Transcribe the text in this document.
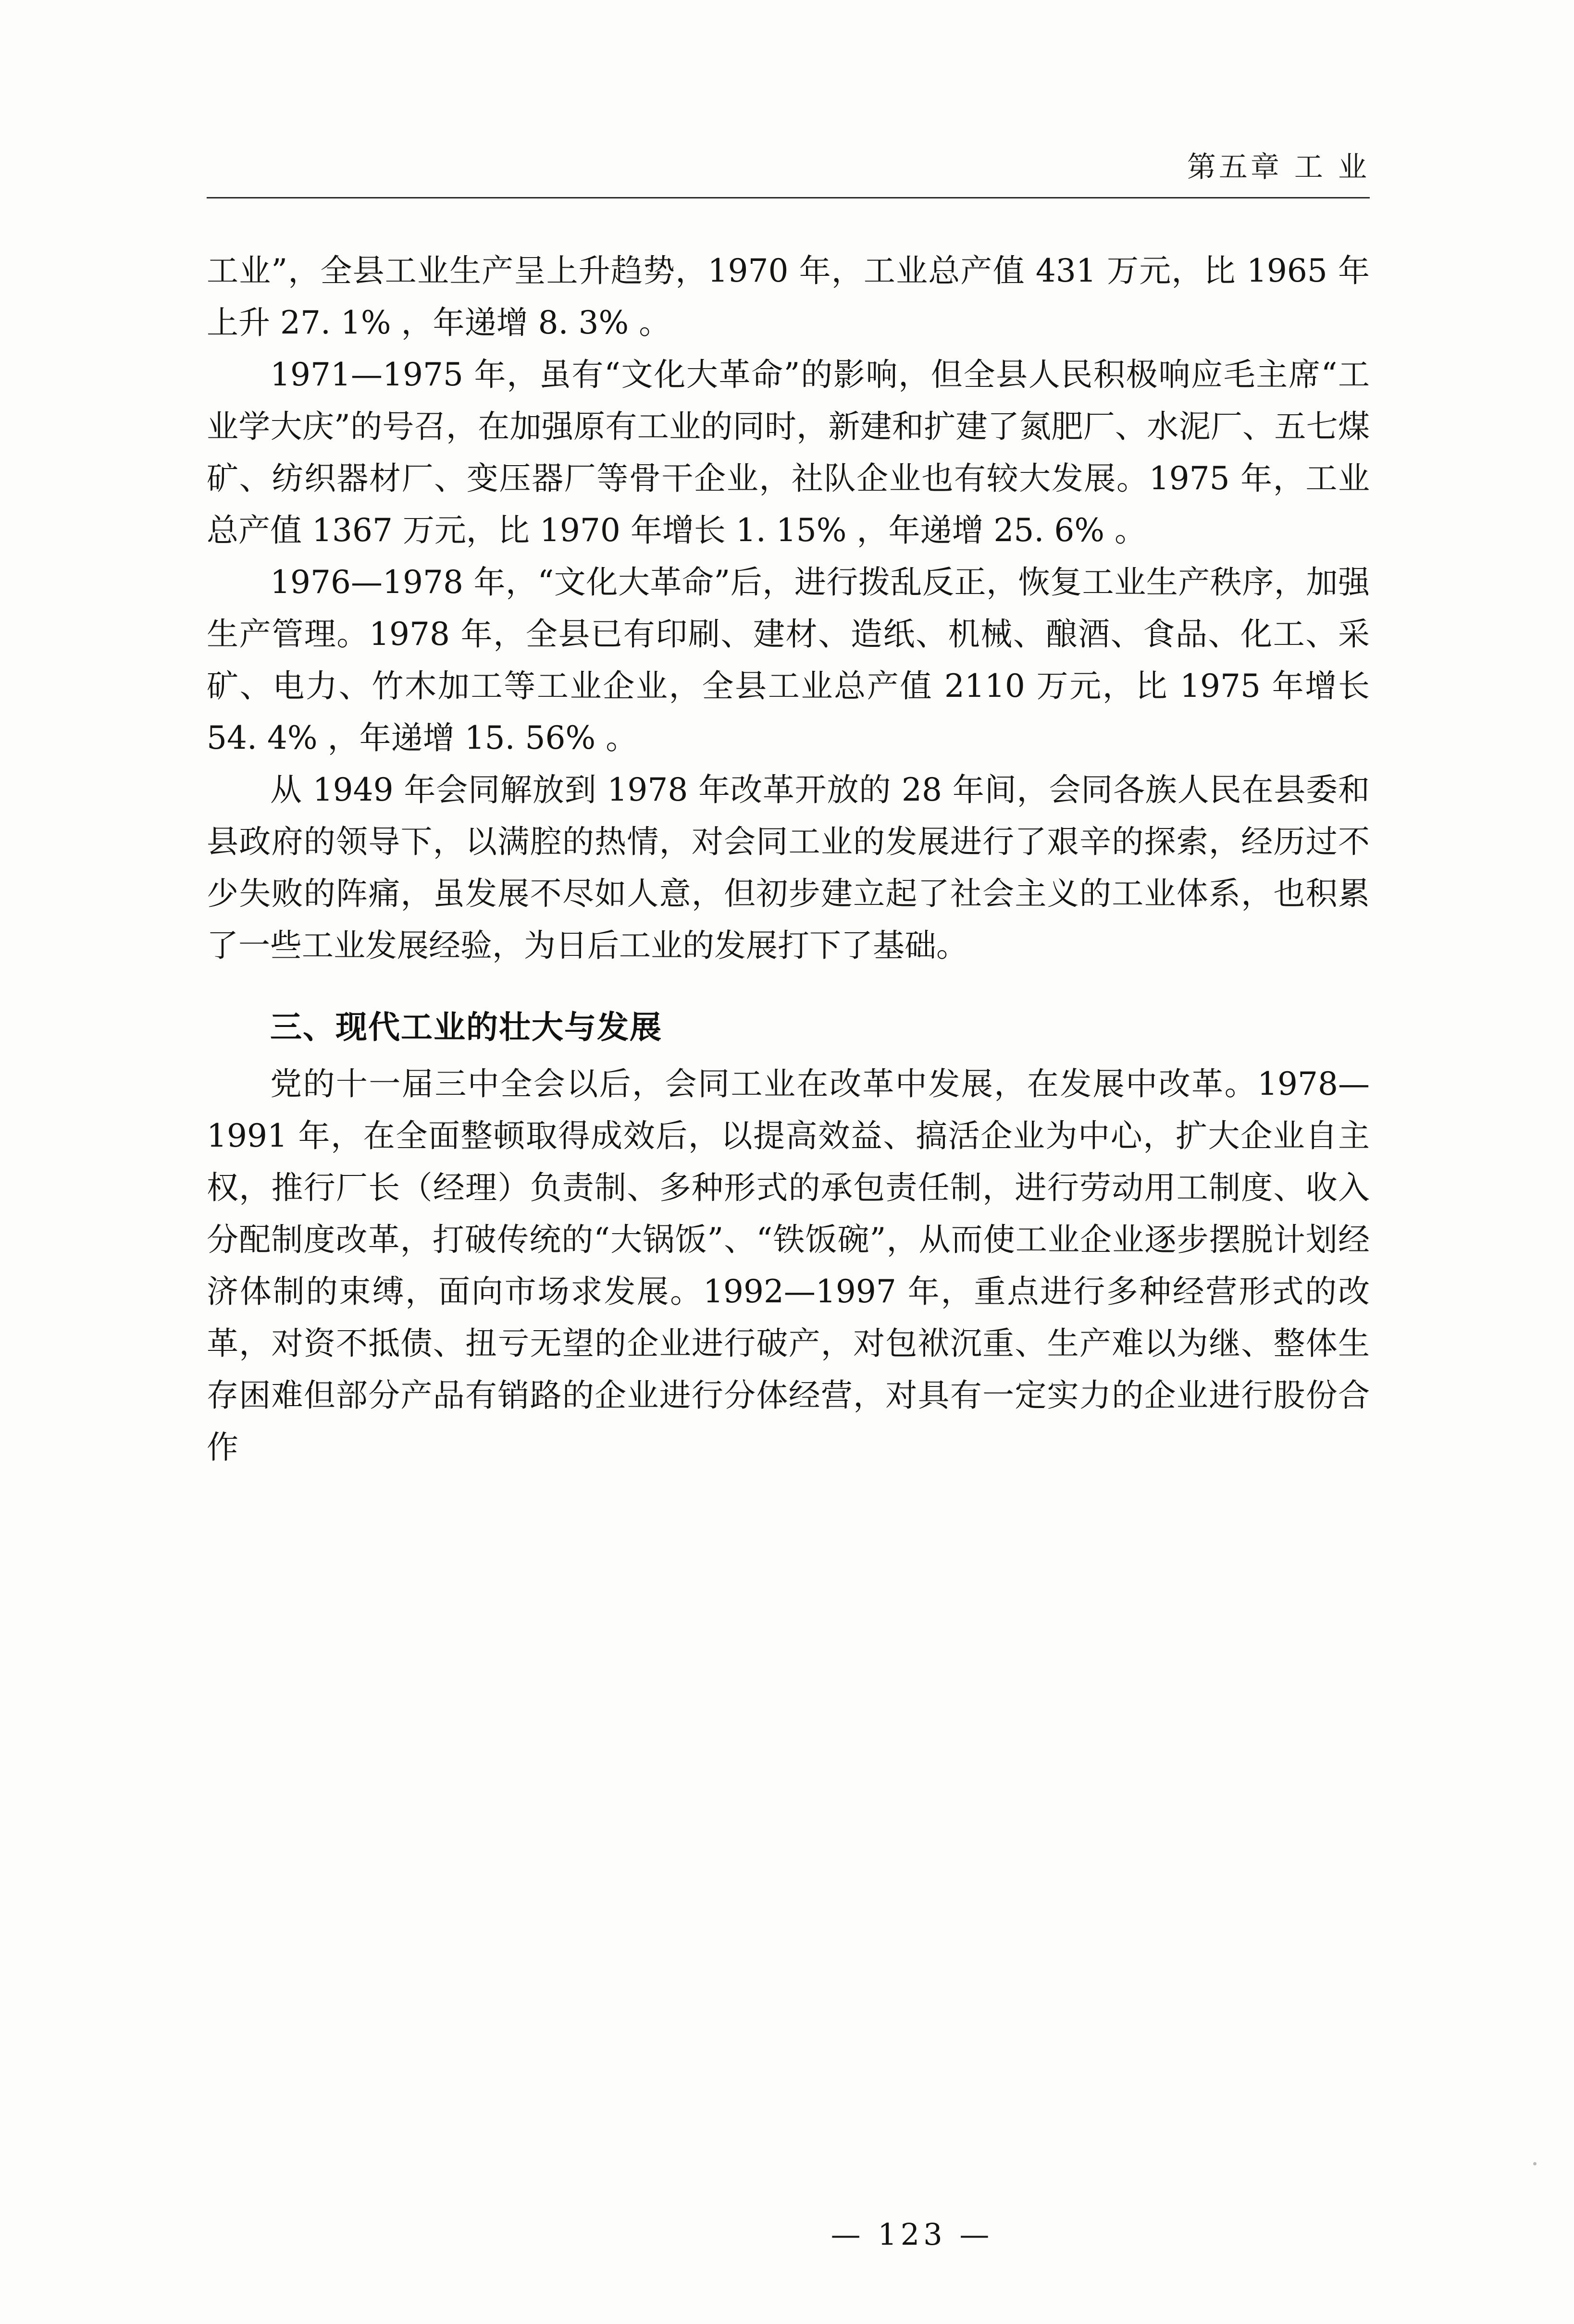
第五章 工 业

工业”，全县工业生产呈上升趋势，1970 年，工业总产值 431 万元，比 1965 年上升 27. 1% ，年递增 8. 3% 。

1971—1975 年，虽有“文化大革命”的影响，但全县人民积极响应毛主席“工业学大庆”的号召，在加强原有工业的同时，新建和扩建了氮肥厂、水泥厂、五七煤矿、纺织器材厂、变压器厂等骨干企业，社队企业也有较大发展。1975 年，工业总产值 1367 万元，比 1970 年增长 1. 15% ，年递增 25. 6% 。

1976—1978 年，“文化大革命”后，进行拨乱反正，恢复工业生产秩序，加强生产管理。1978 年，全县已有印刷、建材、造纸、机械、酿酒、食品、化工、采矿、电力、竹木加工等工业企业，全县工业总产值 2110 万元，比 1975 年增长 54. 4% ，年递增 15. 56% 。

从 1949 年会同解放到 1978 年改革开放的 28 年间，会同各族人民在县委和县政府的领导下，以满腔的热情，对会同工业的发展进行了艰辛的探索，经历过不少失败的阵痛，虽发展不尽如人意，但初步建立起了社会主义的工业体系，也积累了一些工业发展经验，为日后工业的发展打下了基础。

三、现代工业的壮大与发展

党的十一届三中全会以后，会同工业在改革中发展，在发展中改革。1978—1991 年，在全面整顿取得成效后，以提高效益、搞活企业为中心，扩大企业自主权，推行厂长（经理）负责制、多种形式的承包责任制，进行劳动用工制度、收入分配制度改革，打破传统的“大锅饭”、“铁饭碗”，从而使工业企业逐步摆脱计划经济体制的束缚，面向市场求发展。1992—1997 年，重点进行多种经营形式的改革，对资不抵债、扭亏无望的企业进行破产，对包袱沉重、生产难以为继、整体生存困难但部分产品有销路的企业进行分体经营，对具有一定实力的企业进行股份合作

— 123 —
